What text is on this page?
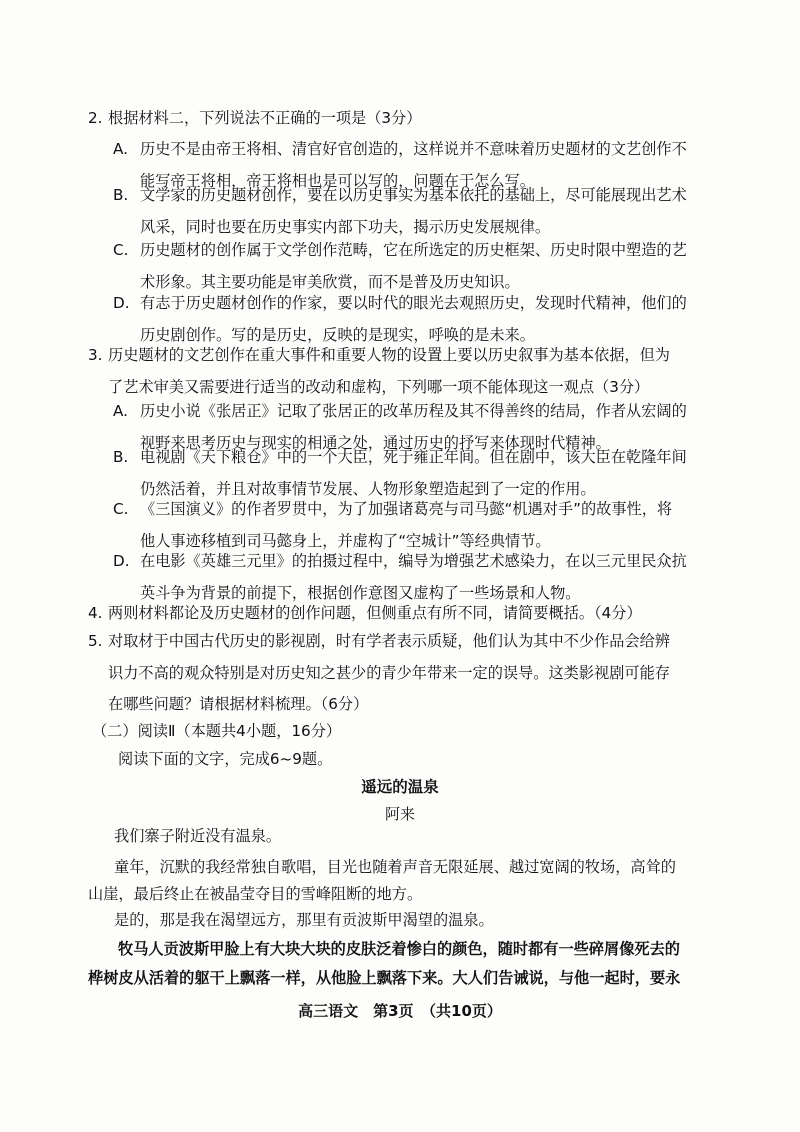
2. 根据材料二，下列说法不正确的一项是（3分）
A. 历史不是由帝王将相、清官好官创造的，这样说并不意味着历史题材的文艺创作不
能写帝王将相，帝王将相也是可以写的，问题在于怎么写。
B. 文学家的历史题材创作，要在以历史事实为基本依托的基础上，尽可能展现出艺术
风采，同时也要在历史事实内部下功夫，揭示历史发展规律。
C. 历史题材的创作属于文学创作范畴，它在所选定的历史框架、历史时限中塑造的艺
术形象。其主要功能是审美欣赏，而不是普及历史知识。
D. 有志于历史题材创作的作家，要以时代的眼光去观照历史，发现时代精神，他们的
历史剧创作。写的是历史，反映的是现实，呼唤的是未来。
3. 历史题材的文艺创作在重大事件和重要人物的设置上要以历史叙事为基本依据，但为
了艺术审美又需要进行适当的改动和虚构，下列哪一项不能体现这一观点（3分）
A. 历史小说《张居正》记取了张居正的改革历程及其不得善终的结局，作者从宏阔的
视野来思考历史与现实的相通之处，通过历史的抒写来体现时代精神。
B. 电视剧《天下粮仓》中的一个大臣，死于雍正年间。但在剧中，该大臣在乾隆年间
仍然活着，并且对故事情节发展、人物形象塑造起到了一定的作用。
C. 《三国演义》的作者罗贯中，为了加强诸葛亮与司马懿“机遇对手”的故事性，将
他人事迹移植到司马懿身上，并虚构了“空城计”等经典情节。
D. 在电影《英雄三元里》的拍摄过程中，编导为增强艺术感染力，在以三元里民众抗
英斗争为背景的前提下，根据创作意图又虚构了一些场景和人物。
4. 两则材料都论及历史题材的创作问题，但侧重点有所不同，请简要概括。（4分）
5. 对取材于中国古代历史的影视剧，时有学者表示质疑，他们认为其中不少作品会给辨
识力不高的观众特别是对历史知之甚少的青少年带来一定的误导。这类影视剧可能存
在哪些问题？请根据材料梳理。（6分）
（二）阅读Ⅱ（本题共4小题，16分）
阅读下面的文字，完成6~9题。
遥远的温泉
阿来
我们寨子附近没有温泉。
童年，沉默的我经常独自歌唱，目光也随着声音无限延展、越过宽阔的牧场，高耸的
山崖，最后终止在被晶莹夺目的雪峰阻断的地方。
是的，那是我在渴望远方，那里有贡波斯甲渴望的温泉。
牧马人贡波斯甲脸上有大块大块的皮肤泛着惨白的颜色，随时都有一些碎屑像死去的
桦树皮从活着的躯干上飘落一样，从他脸上飘落下来。大人们告诫说，与他一起时，要永
高三语文　第3页　（共10页）
